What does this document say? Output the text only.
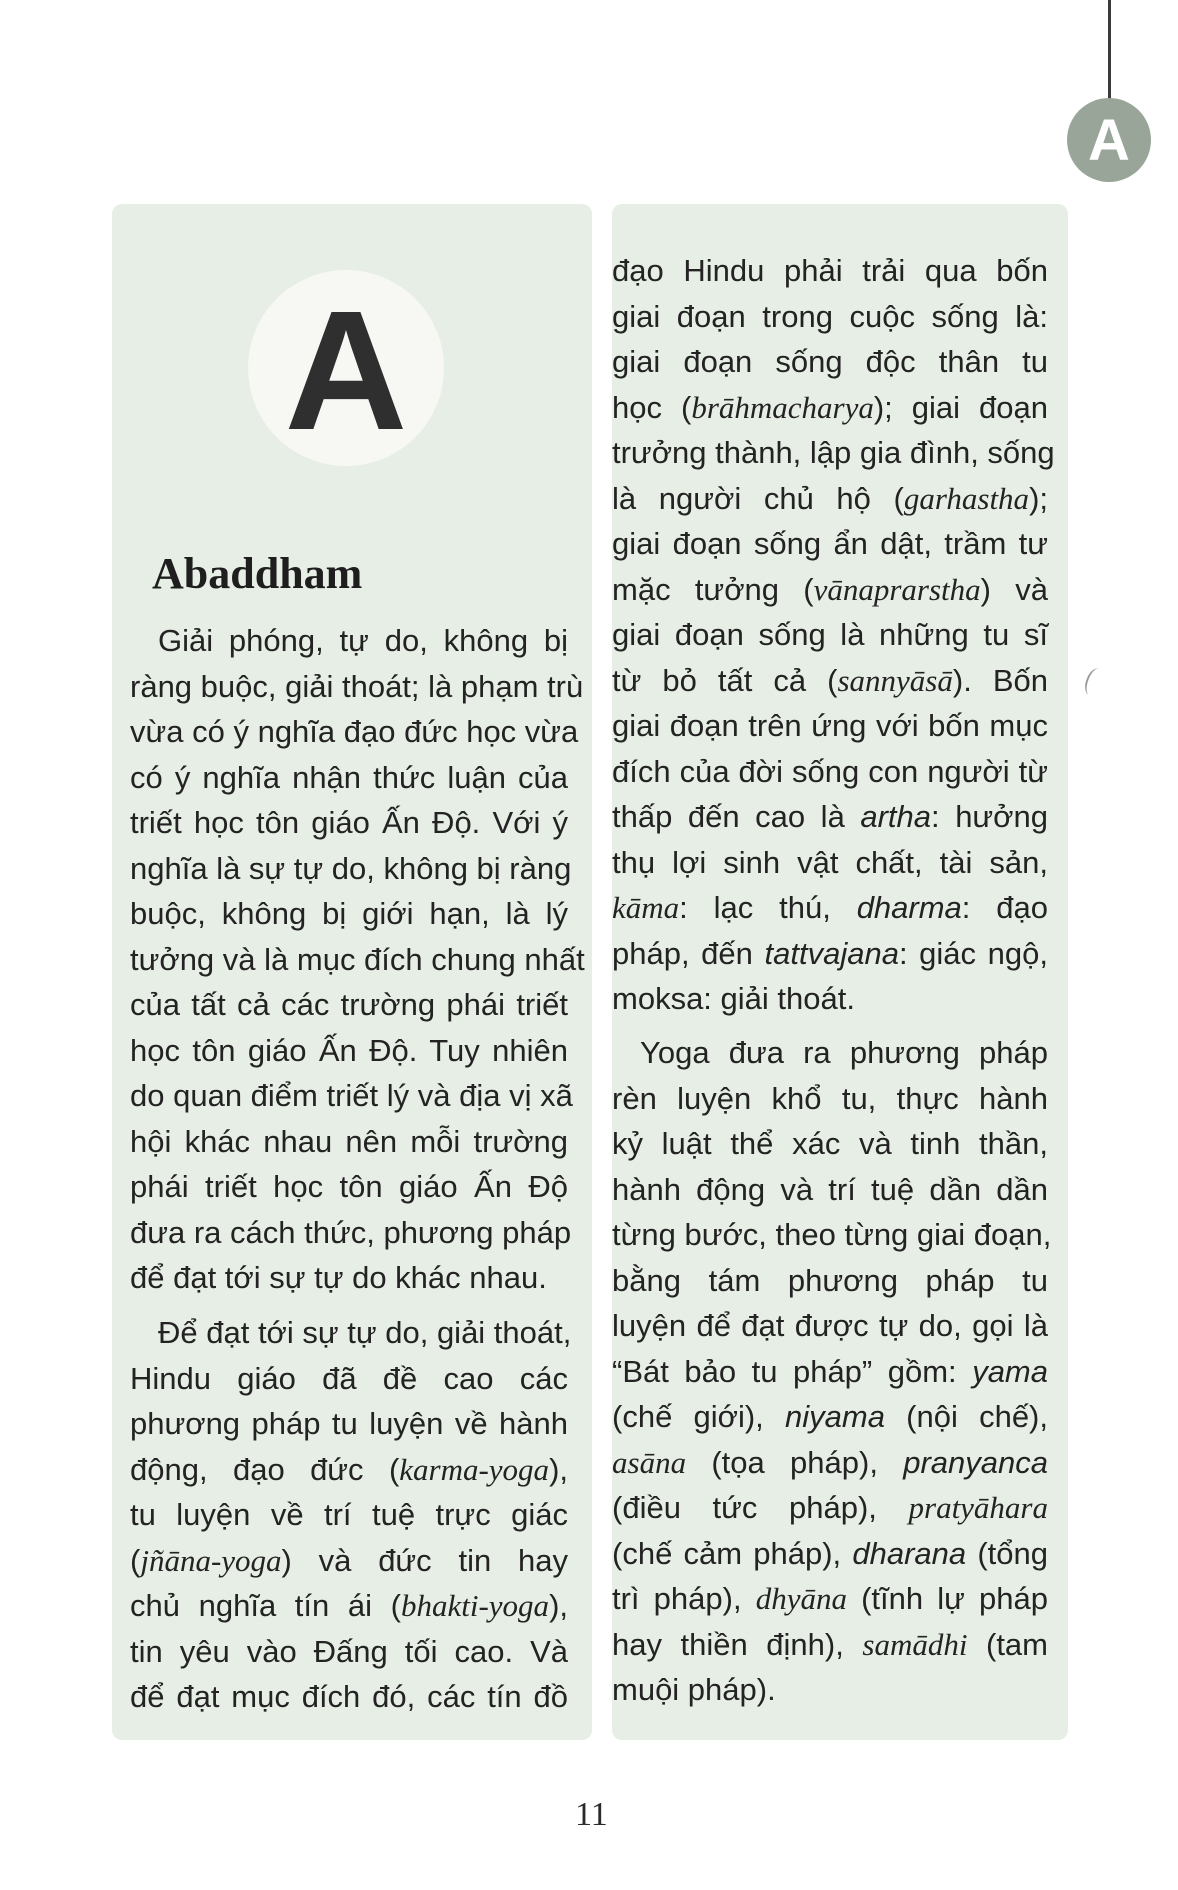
A
A
Abaddham
Giải phóng, tự do, không bị
ràng buộc, giải thoát; là phạm trù
vừa có ý nghĩa đạo đức học vừa
có ý nghĩa nhận thức luận của
triết học tôn giáo Ấn Độ. Với ý
nghĩa là sự tự do, không bị ràng
buộc, không bị giới hạn, là lý
tưởng và là mục đích chung nhất
của tất cả các trường phái triết
học tôn giáo Ấn Độ. Tuy nhiên
do quan điểm triết lý và địa vị xã
hội khác nhau nên mỗi trường
phái triết học tôn giáo Ấn Độ
đưa ra cách thức, phương pháp
để đạt tới sự tự do khác nhau.
Để đạt tới sự tự do, giải thoát,
Hindu giáo đã đề cao các
phương pháp tu luyện về hành
động, đạo đức (karma-yoga),
tu luyện về trí tuệ trực giác
(jñāna-yoga) và đức tin hay
chủ nghĩa tín ái (bhakti-yoga),
tin yêu vào Đấng tối cao. Và
để đạt mục đích đó, các tín đồ
đạo Hindu phải trải qua bốn
giai đoạn trong cuộc sống là:
giai đoạn sống độc thân tu
học (brāhmacharya); giai đoạn
trưởng thành, lập gia đình, sống
là người chủ hộ (garhastha);
giai đoạn sống ẩn dật, trầm tư
mặc tưởng (vānaprarstha) và
giai đoạn sống là những tu sĩ
từ bỏ tất cả (sannyāsā). Bốn
giai đoạn trên ứng với bốn mục
đích của đời sống con người từ
thấp đến cao là artha: hưởng
thụ lợi sinh vật chất, tài sản,
kāma: lạc thú, dharma: đạo
pháp, đến tattvajana: giác ngộ,
moksa: giải thoát.
Yoga đưa ra phương pháp
rèn luyện khổ tu, thực hành
kỷ luật thể xác và tinh thần,
hành động và trí tuệ dần dần
từng bước, theo từng giai đoạn,
bằng tám phương pháp tu
luyện để đạt được tự do, gọi là
“Bát bảo tu pháp” gồm: yama
(chế giới), niyama (nội chế),
asāna (tọa pháp), pranyanca
(điều tức pháp), pratyāhara
(chế cảm pháp), dharana (tổng
trì pháp), dhyāna (tĩnh lự pháp
hay thiền định), samādhi (tam
muội pháp).
11
